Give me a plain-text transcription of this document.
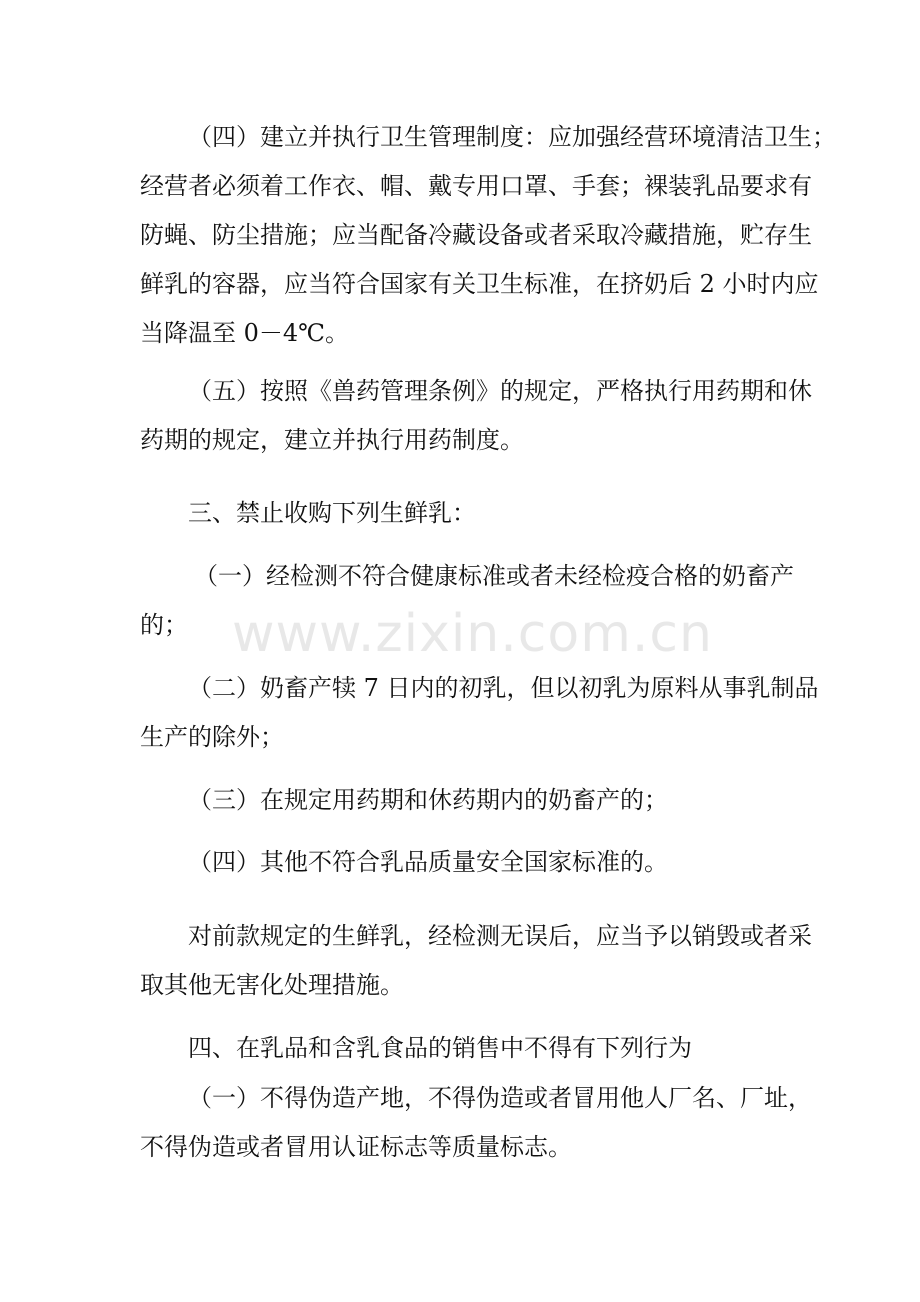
（四）建立并执行卫生管理制度：应加强经营环境清洁卫生；
经营者必须着工作衣、帽、戴专用口罩、手套；裸装乳品要求有
防蝇、防尘措施；应当配备冷藏设备或者采取冷藏措施，贮存生
鲜乳的容器，应当符合国家有关卫生标准，在挤奶后 2 小时内应
当降温至 0－4℃。
（五）按照《兽药管理条例》的规定，严格执行用药期和休
药期的规定，建立并执行用药制度。
三、禁止收购下列生鲜乳：
（一）经检测不符合健康标准或者未经检疫合格的奶畜产
的；
（二）奶畜产犊 7 日内的初乳，但以初乳为原料从事乳制品
生产的除外；
（三）在规定用药期和休药期内的奶畜产的；
（四）其他不符合乳品质量安全国家标准的。
对前款规定的生鲜乳，经检测无误后，应当予以销毁或者采
取其他无害化处理措施。
四、在乳品和含乳食品的销售中不得有下列行为
（一）不得伪造产地，不得伪造或者冒用他人厂名、厂址，
不得伪造或者冒用认证标志等质量标志。
www.zixin.com.cn
